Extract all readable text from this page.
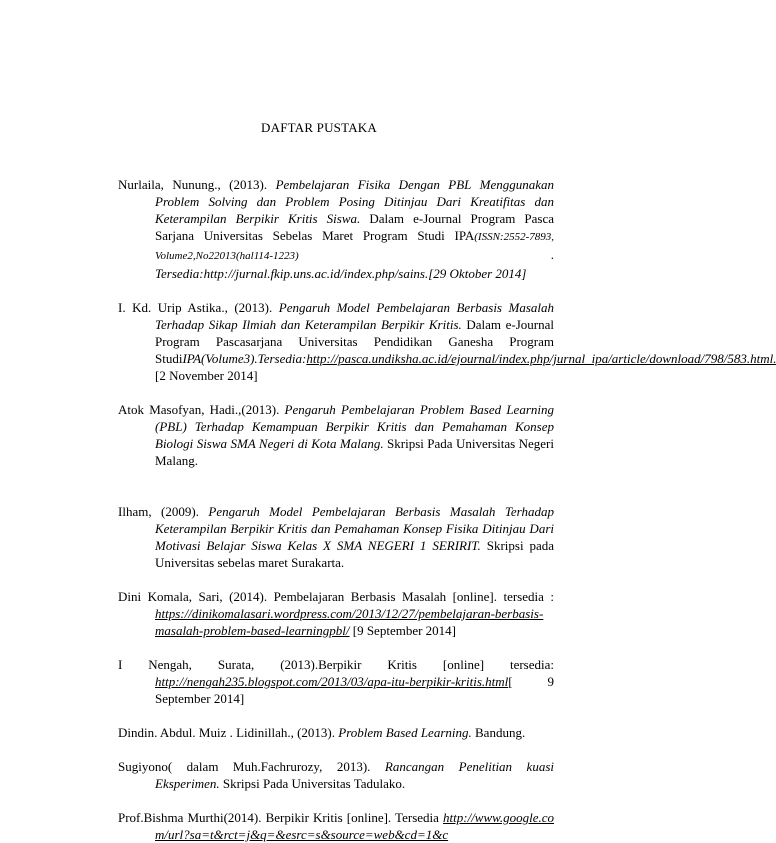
DAFTAR PUSTAKA

Nurlaila, Nunung., (2013). Pembelajaran Fisika Dengan PBL Menggunakan Problem Solving dan Problem Posing Ditinjau Dari Kreatifitas dan Keterampilan Berpikir Kritis Siswa. Dalam e-Journal Program Pasca Sarjana Universitas Sebelas Maret Program Studi IPA(ISSN:2552-7893, Volume2,No22013(hal114-1223)	. Tersedia:http://jurnal.fkip.uns.ac.id/index.php/sains.[29 Oktober 2014]

I. Kd. Urip Astika., (2013). Pengaruh Model Pembelajaran Berbasis Masalah Terhadap Sikap Ilmiah dan Keterampilan Berpikir Kritis. Dalam e-Journal Program Pascasarjana Universitas Pendidikan Ganesha Program StudiIPA(Volume3).Tersedia:http://pasca.undiksha.ac.id/ejournal/index.php/jurnal_ipa/article/download/798/583.html. [2 November 2014]

Atok Masofyan, Hadi.,(2013). Pengaruh Pembelajaran Problem Based Learning (PBL) Terhadap Kemampuan Berpikir Kritis dan Pemahaman Konsep Biologi Siswa SMA Negeri di Kota Malang. Skripsi Pada Universitas Negeri Malang.

Ilham, (2009). Pengaruh Model Pembelajaran Berbasis Masalah Terhadap Keterampilan Berpikir Kritis dan Pemahaman Konsep Fisika Ditinjau Dari Motivasi Belajar Siswa Kelas X SMA NEGERI 1 SERIRIT. Skripsi pada Universitas sebelas maret Surakarta.

Dini Komala, Sari, (2014). Pembelajaran Berbasis Masalah [online]. tersedia : https://dinikomalasari.wordpress.com/2013/12/27/pembelajaran-berbasis-masalah-problem-based-learningpbl/ [9 September 2014]

I Nengah, Surata, (2013).Berpikir Kritis [online] tersedia: http://nengah235.blogspot.com/2013/03/apa-itu-berpikir-kritis.html[ 9 September 2014]

Dindin. Abdul. Muiz . Lidinillah., (2013). Problem Based Learning. Bandung.

Sugiyono( dalam Muh.Fachrurozy, 2013). Rancangan Penelitian kuasi Eksperimen. Skripsi Pada Universitas Tadulako.

Prof.Bishma Murthi(2014). Berpikir Kritis [online]. Tersedia http://www.google.com/url?sa=t&rct=j&q=&esrc=s&source=web&cd=1&c
